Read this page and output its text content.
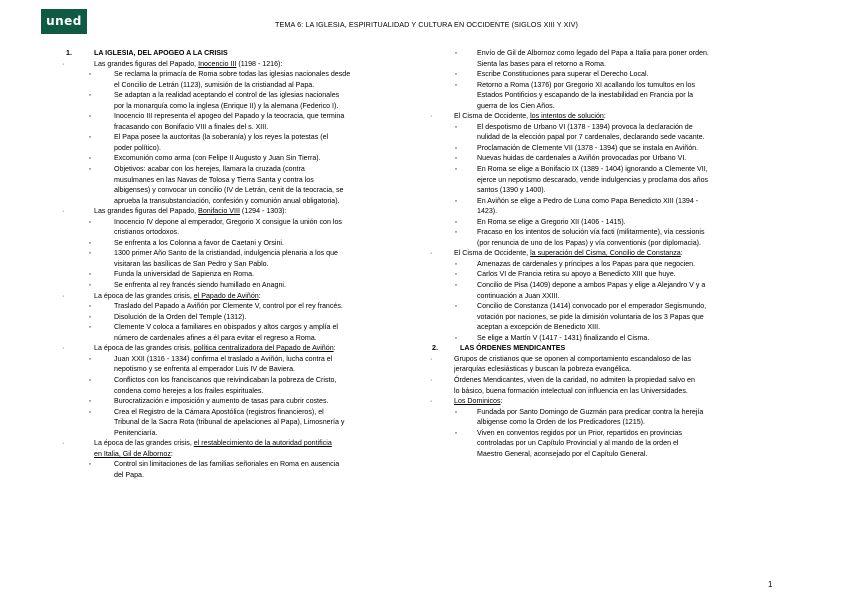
uned	TEMA 6: LA IGLESIA, ESPIRITUALIDAD Y CULTURA EN OCCIDENTE (SIGLOS XIII Y XIV)
1.	LA IGLESIA, DEL APOGEO A LA CRISIS
·	Las grandes figuras del Papado, Inocencio III (1198 - 1216):
„	Se reclama la primacía de Roma sobre todas las iglesias nacionales desde
el Concilio de Letrán (1123), sumisión de la cristiandad al Papa.
„	Se adaptan a la realidad aceptando el control de las iglesias nacionales
por la monarquía como la inglesa (Enrique II) y la alemana (Federico I).
„	Inocencio III representa el apogeo del Papado y la teocracia, que termina
fracasando con Bonifacio VIII a finales del s. XIII.
„	El Papa posee la auctoritas (la soberanía) y los reyes la potestas (el
poder político).
„	Excomunión como arma (con Felipe II Augusto y Juan Sin Tierra).
„	Objetivos: acabar con los herejes, llamara la cruzada (contra
musulmanes en las Navas de Tolosa y Tierra Santa y contra los
albigenses) y convocar un concilio (IV de Letrán, cenit de la teocracia, se
aprueba la transubstanciación, confesión y comunión anual obligatoria).
·	Las grandes figuras del Papado, Bonifacio VIII (1294 - 1303):
„	Inocencio IV depone al emperador, Gregorio X consigue la unión con los
cristianos ortodoxos.
„	Se enfrenta a los Colonna a favor de Caetani y Orsini.
„	1300 primer Año Santo de la cristiandad, indulgencia plenaria a los que
visitaran las basílicas de San Pedro y San Pablo.
„	Funda la universidad de Sapienza en Roma.
„	Se enfrenta al rey francés siendo humillado en Anagni.
·	La época de las grandes crisis, el Papado de Aviñón:
„	Traslado del Papado a Aviñón por Clemente V, control por el rey francés.
„	Disolución de la Orden del Temple (1312).
„	Clemente V coloca a familiares en obispados y altos cargos y amplía el
número de cardenales afines a él para evitar el regreso a Roma.
·	La época de las grandes crisis, política centralizadora del Papado de Aviñón:
„	Juan XXII (1316 - 1334) confirma el traslado a Aviñón, lucha contra el
nepotismo y se enfrenta al emperador Luis IV de Baviera.
„	Conflictos con los franciscanos que reivindicaban la pobreza de Cristo,
condena como herejes a los frailes espirituales.
„	Burocratización e imposición y aumento de tasas para cubrir costes.
„	Crea el Registro de la Cámara Apostólica (registros financieros), el
Tribunal de la Sacra Rota (tribunal de apelaciones al Papa), Limosnería y
Penitenciaría.
·	La época de las grandes crisis, el restablecimiento de la autoridad pontificia
en Italia, Gil de Albornoz:
„	Control sin limitaciones de las familias señoriales en Roma en ausencia
del Papa.
„	Envío de Gil de Albornoz como legado del Papa a Italia para poner orden.
Sienta las bases para el retorno a Roma.
„	Escribe Constituciones para superar el Derecho Local.
„	Retorno a Roma (1376) por Gregorio XI acallando los tumultos en los
Estados Pontificios y escapando de la inestabilidad en Francia por la
guerra de los Cien Años.
·	El Cisma de Occidente, los intentos de solución:
„	El despotismo de Urbano VI (1378 - 1394) provoca la declaración de
nulidad de la elección papal por 7 cardenales, declarando sede vacante.
„	Proclamación de Clemente VII (1378 - 1394) que se instala en Aviñón.
„	Nuevas huidas de cardenales a Aviñón provocadas por Urbano VI.
„	En Roma se elige a Bonifacio IX (1389 - 1404) ignorando a Clemente VII,
ejerce un nepotismo descarado, vende indulgencias y proclama dos años
santos (1390 y 1400).
„	En Aviñón se elige a Pedro de Luna como Papa Benedicto XIII (1394 -
1423).
„	En Roma se elige a Gregorio XII (1406 - 1415).
„	Fracaso en los intentos de solución vía facti (militarmente), vía cessionis
(por renuncia de uno de los Papas) y vía conventionis (por diplomacia).
·	El Cisma de Occidente, la superación del Cisma, Concilio de Constanza:
„	Amenazas de cardenales y príncipes a los Papas para que negocien.
„	Carlos VI de Francia retira su apoyo a Benedicto XIII que huye.
„	Concilio de Pisa (1409) depone a ambos Papas y elige a Alejandro V y a
continuación a Juan XXIII.
„	Concilio de Constanza (1414) convocado por el emperador Segismundo,
votación por naciones, se pide la dimisión voluntaria de los 3 Papas que
aceptan a excepción de Benedicto XIII.
„	Se elige a Martín V (1417 - 1431) finalizando el Cisma.
2.	LAS ÓRDENES MENDICANTES
·	Grupos de cristianos que se oponen al comportamiento escandaloso de las
jerarquías eclesiásticas y buscan la pobreza evangélica.
·	Órdenes Mendicantes, viven de la caridad, no admiten la propiedad salvo en
lo básico, buena formación intelectual con influencia en las Universidades.
·	Los Dominicos:
„	Fundada por Santo Domingo de Guzmán para predicar contra la herejía
albigense como la Orden de los Predicadores (1215).
„	Viven en conventos regidos por un Prior, repartidos en provincias
controladas por un Capítulo Provincial y al mando de la orden el
Maestro General, aconsejado por el Capítulo General.
1
